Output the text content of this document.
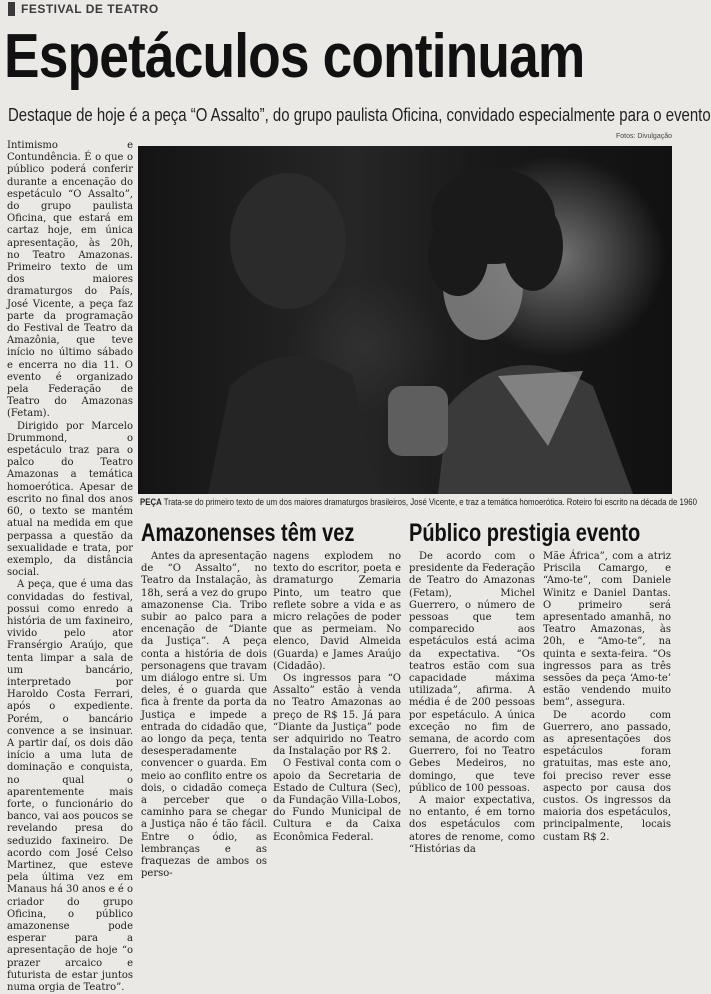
FESTIVAL DE TEATRO
Espetáculos continuam
Destaque de hoje é a peça “O Assalto”, do grupo paulista Oficina, convidado especialmente para o evento
Fotos: Divulgação
PEÇA Trata-se do primeiro texto de um dos maiores dramaturgos brasileiros, José Vicente, e traz a temática homoerótica. Roteiro foi escrito na década de 1960

Intimismo e Contundência. É o que o público poderá conferir durante a encenação do espetáculo “O Assalto”, do grupo paulista Oficina, que estará em cartaz hoje, em única apresentação, às 20h, no Teatro Amazonas. Primeiro texto de um dos maiores dramaturgos do País, José Vicente, a peça faz parte da programação do Festival de Teatro da Amazônia, que teve início no último sábado e encerra no dia 11. O evento é organizado pela Federação de Teatro do Amazonas (Fetam).

Dirigido por Marcelo Drummond, o espetáculo traz para o palco do Teatro Amazonas a temática homoerótica. Apesar de escrito no final dos anos 60, o texto se mantém atual na medida em que perpassa a questão da sexualidade e trata, por exemplo, da distância social.

A peça, que é uma das convidadas do festival, possui como enredo a história de um faxineiro, vivido pelo ator Fransérgio Araújo, que tenta limpar a sala de um bancário, interpretado por Haroldo Costa Ferrari, após o expediente. Porém, o bancário convence a se insinuar. A partir daí, os dois dão início a uma luta de dominação e conquista, no qual o aparentemente mais forte, o funcionário do banco, vai aos poucos se revelando presa do seduzido faxineiro. De acordo com José Celso Martinez, que esteve pela última vez em Manaus há 30 anos e é o criador do grupo Oficina, o público amazonense pode esperar para a apresentação de hoje “o prazer arcaico e futurista de estar juntos numa orgia de Teatro”.

Amazonenses têm vez

Antes da apresentação de “O Assalto”, no Teatro da Instalação, às 18h, será a vez do grupo amazonense Cia. Tribo subir ao palco para a encenação de “Diante da Justiça”. A peça conta a história de dois personagens que travam um diálogo entre si. Um deles, é o guarda que fica à frente da porta da Justiça e impede a entrada do cidadão que, ao longo da peça, tenta desesperadamente convencer o guarda. Em meio ao conflito entre os dois, o cidadão começa a perceber que o caminho para se chegar a Justiça não é tão fácil. Entre o ódio, as lembranças e as fraquezas de ambos os perso-

nagens explodem no texto do escritor, poeta e dramaturgo Zemaria Pinto, um teatro que reflete sobre a vida e as micro relações de poder que as permeiam. No elenco, David Almeida (Guarda) e James Araújo (Cidadão).

Os ingressos para “O Assalto” estão à venda no Teatro Amazonas ao preço de R$ 15. Já para “Diante da Justiça” pode ser adquirido no Teatro da Instalação por R$ 2.

O Festival conta com o apoio da Secretaria de Estado de Cultura (Sec), da Fundação Villa-Lobos, do Fundo Municipal de Cultura e da Caixa Econômica Federal.

Público prestigia evento

De acordo com o presidente da Federação de Teatro do Amazonas (Fetam), Michel Guerrero, o número de pessoas que tem comparecido aos espetáculos está acima da expectativa. “Os teatros estão com sua capacidade máxima utilizada”, afirma. A média é de 200 pessoas por espetáculo. A única exceção no fim de semana, de acordo com Guerrero, foi no Teatro Gebes Medeiros, no domingo, que teve público de 100 pessoas.

A maior expectativa, no entanto, é em torno dos espetáculos com atores de renome, como “Histórias da

Mãe África”, com a atriz Priscila Camargo, e “Amo-te”, com Daniele Winitz e Daniel Dantas. O primeiro será apresentado amanhã, no Teatro Amazonas, às 20h, e “Amo-te”, na quinta e sexta-feira. “Os ingressos para as três sessões da peça ‘Amo-te’ estão vendendo muito bem”, assegura.

De acordo com Guerrero, ano passado, as apresentações dos espetáculos foram gratuitas, mas este ano, foi preciso rever esse aspecto por causa dos custos. Os ingressos da maioria dos espetáculos, principalmente, locais custam R$ 2.
